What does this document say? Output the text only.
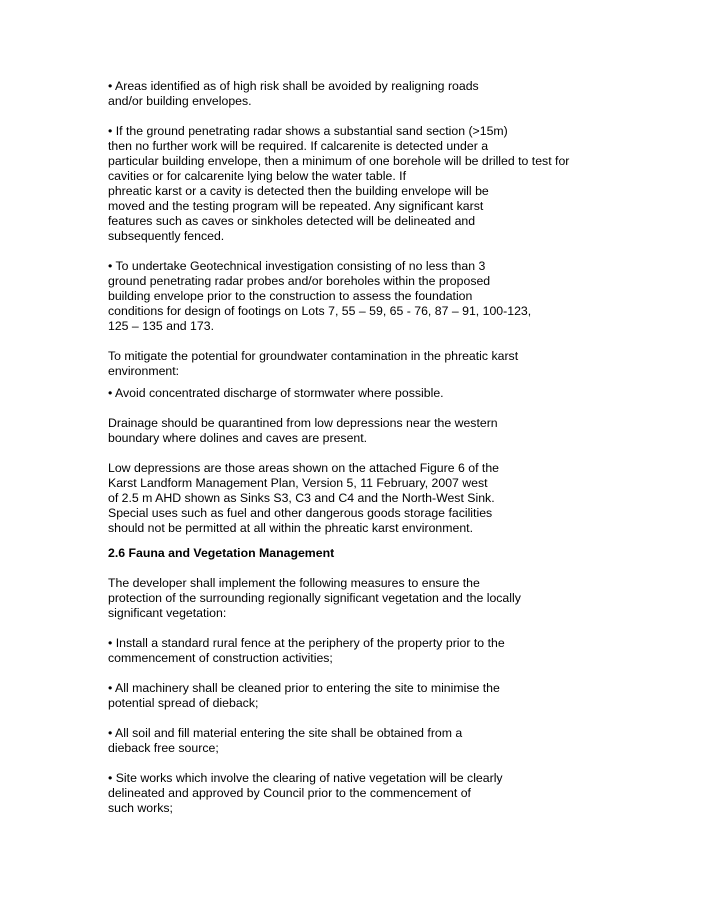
• Areas identified as of high risk shall be avoided by realigning roads
and/or building envelopes.

• If the ground penetrating radar shows a substantial sand section (>15m)
then no further work will be required. If calcarenite is detected under a
particular building envelope, then a minimum of one borehole will be drilled to test for
cavities or for calcarenite lying below the water table. If
phreatic karst or a cavity is detected then the building envelope will be
moved and the testing program will be repeated. Any significant karst
features such as caves or sinkholes detected will be delineated and
subsequently fenced.

• To undertake Geotechnical investigation consisting of no less than 3
ground penetrating radar probes and/or boreholes within the proposed
building envelope prior to the construction to assess the foundation
conditions for design of footings on Lots 7, 55 – 59, 65 - 76, 87 – 91, 100-123,
125 – 135 and 173.

To mitigate the potential for groundwater contamination in the phreatic karst
environment:

• Avoid concentrated discharge of stormwater where possible.

Drainage should be quarantined from low depressions near the western
boundary where dolines and caves are present.

Low depressions are those areas shown on the attached Figure 6 of the
Karst Landform Management Plan, Version 5, 11 February, 2007 west
of 2.5 m AHD shown as Sinks S3, C3 and C4 and the North-West Sink.
Special uses such as fuel and other dangerous goods storage facilities
should not be permitted at all within the phreatic karst environment.

2.6 Fauna and Vegetation Management

The developer shall implement the following measures to ensure the
protection of the surrounding regionally significant vegetation and the locally
significant vegetation:

• Install a standard rural fence at the periphery of the property prior to the
commencement of construction activities;

• All machinery shall be cleaned prior to entering the site to minimise the
potential spread of dieback;

• All soil and fill material entering the site shall be obtained from a
dieback free source;

• Site works which involve the clearing of native vegetation will be clearly
delineated and approved by Council prior to the commencement of
such works;
